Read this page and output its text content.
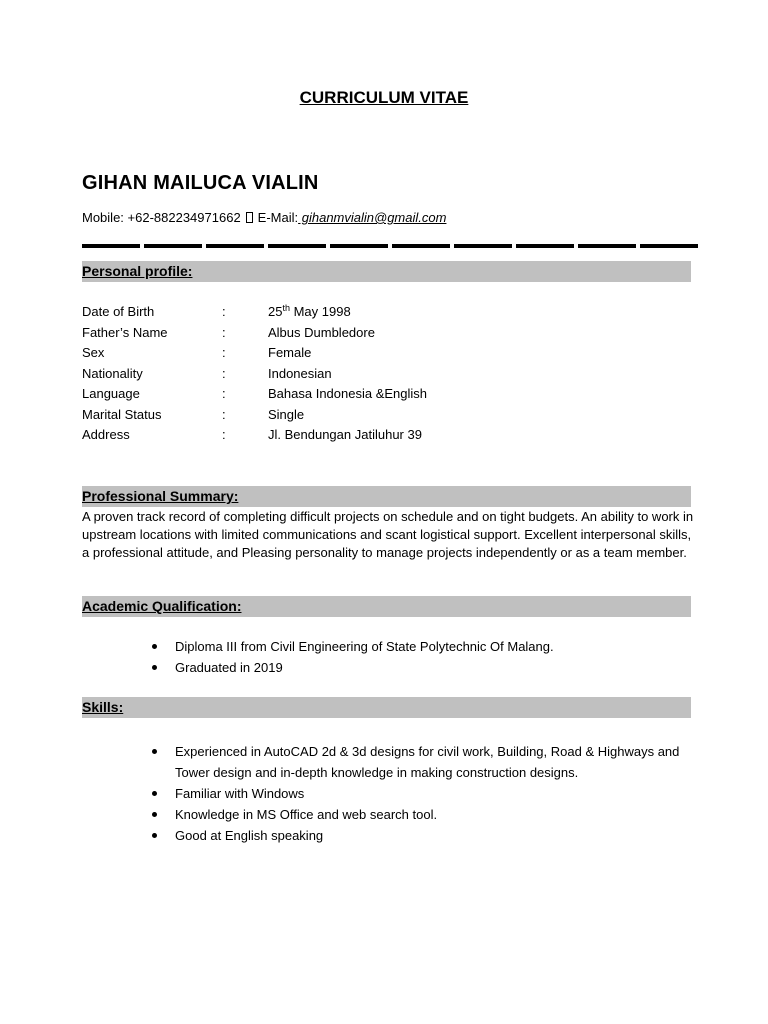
CURRICULUM VITAE
GIHAN MAILUCA VIALIN
Mobile: +62-882234971662 E-Mail: gihanmvialin@gmail.com
Personal profile:
Date of Birth	:	25th May 1998
Father’s Name	:	Albus Dumbledore
Sex	:	Female
Nationality	:	Indonesian
Language	:	Bahasa Indonesia &English
Marital Status	:	Single
Address	:	Jl. Bendungan Jatiluhur 39
Professional Summary:
A proven track record of completing difficult projects on schedule and on tight budgets. An ability to work in upstream locations with limited communications and scant logistical support. Excellent interpersonal skills, a professional attitude, and Pleasing personality to manage projects independently or as a team member.
Academic Qualification:
Diploma III from Civil Engineering of State Polytechnic Of Malang.
Graduated in 2019
Skills:
Experienced in AutoCAD 2d & 3d designs for civil work, Building, Road & Highways and Tower design and in-depth knowledge in making construction designs.
Familiar with Windows
Knowledge in MS Office and web search tool.
Good at English speaking
